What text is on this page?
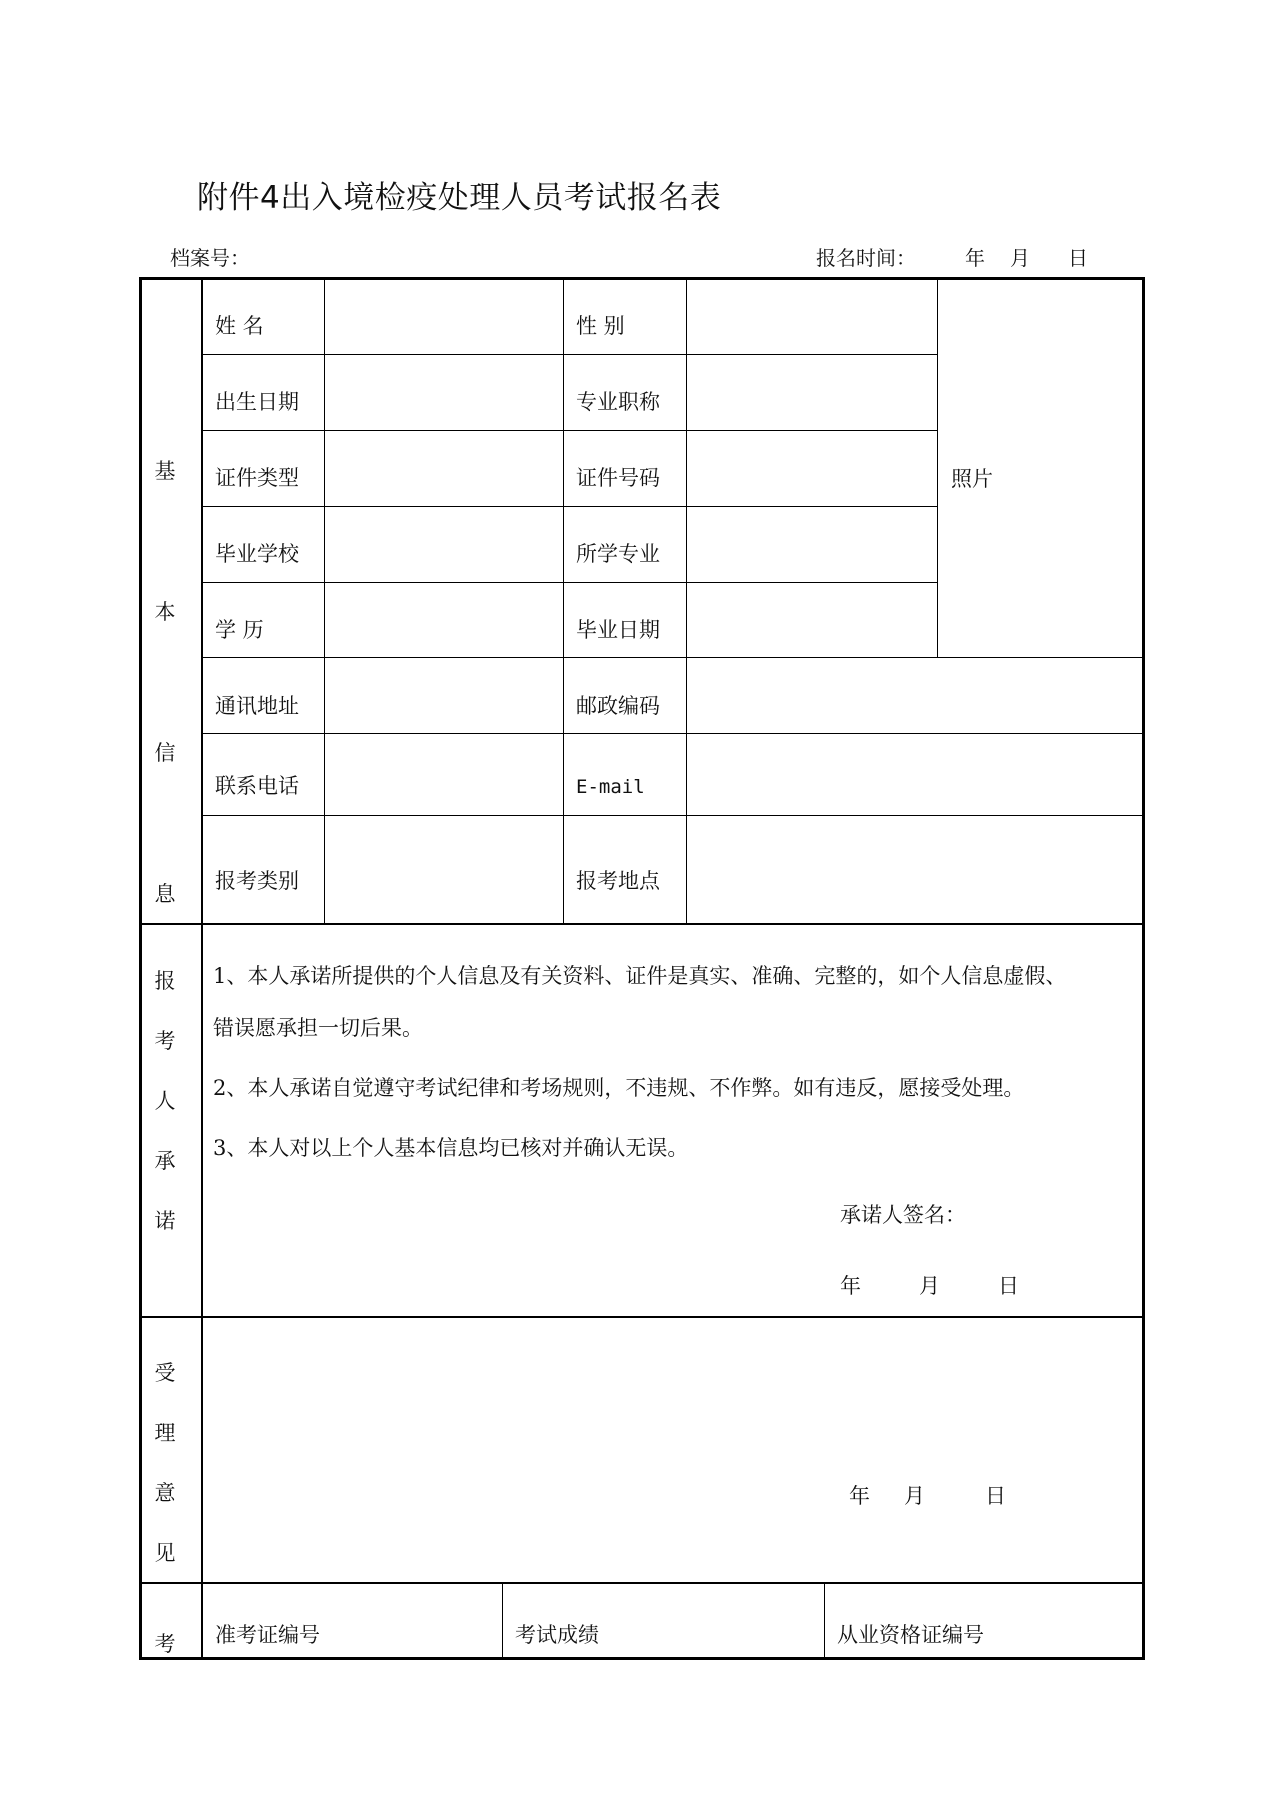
附件4出入境检疫处理人员考试报名表
档案号：	报名时间： 年 月 日
基
本
信
息
姓 名	性 别
出生日期	专业职称
证件类型	证件号码
毕业学校	所学专业
学 历	毕业日期
通讯地址	邮政编码
联系电话	E-mail
报考类别	报考地点
照片
报
考
人
承
诺
1、本人承诺所提供的个人信息及有关资料、证件是真实、准确、完整的，如个人信息虚假、
错误愿承担一切后果。
2、本人承诺自觉遵守考试纪律和考场规则，不违规、不作弊。如有违反，愿接受处理。
3、本人对以上个人基本信息均已核对并确认无误。
承诺人签名：
年	月	日
受
理
意
见
年 月	日
考 准考证编号	考试成绩	从业资格证编号
